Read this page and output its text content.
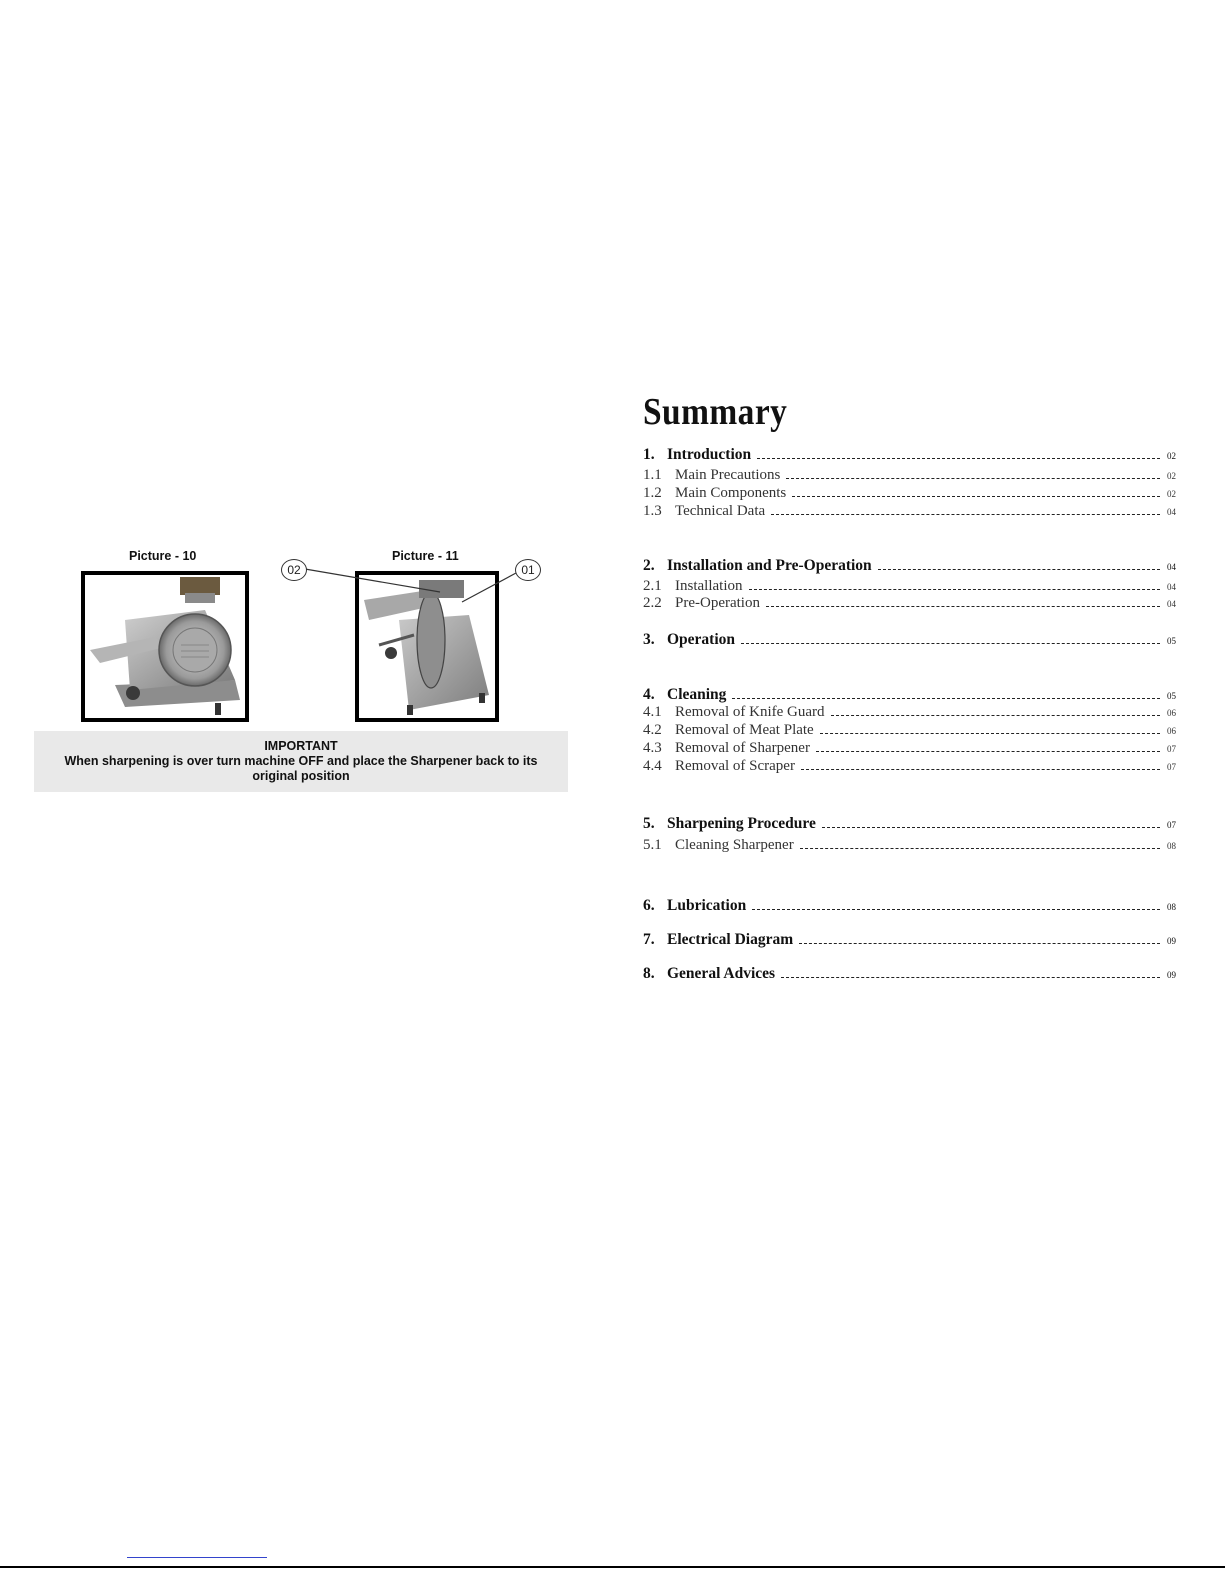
Picture - 10	Picture - 11
02	01
IMPORTANT
When sharpening is over turn machine OFF and place the Sharpener back to its original position
Summary
1. Introduction	02
1.1 Main Precautions	02
1.2 Main Components	02
1.3 Technical Data	04
2. Installation and Pre-Operation	04
2.1 Installation	04
2.2 Pre-Operation	04
3. Operation	05
4. Cleaning	05
4.1 Removal of Knife Guard	06
4.2 Removal of Meat Plate	06
4.3 Removal of Sharpener	07
4.4 Removal of Scraper	07
5. Sharpening Procedure	07
5.1 Cleaning Sharpener	08
6. Lubrication	08
7. Electrical Diagram	09
8. General Advices	09
